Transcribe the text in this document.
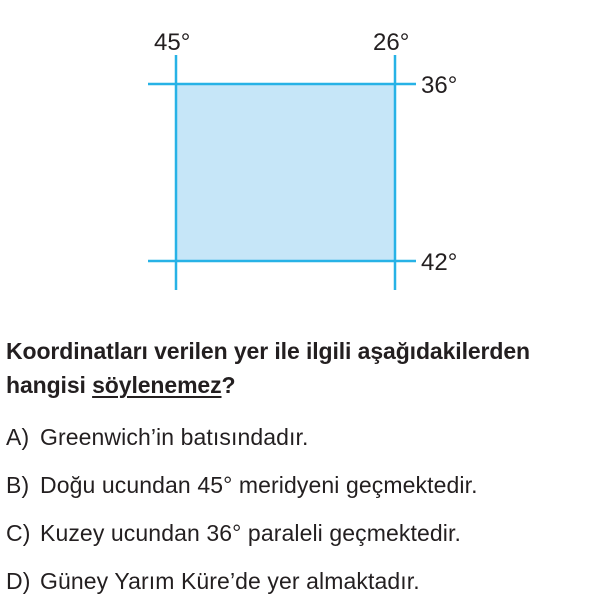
45°	26°
36°
42°
Koordinatları verilen yer ile ilgili aşağıdakilerden
hangisi söylenemez?
A) Greenwich’in batısındadır.
B) Doğu ucundan 45° meridyeni geçmektedir.
C) Kuzey ucundan 36° paraleli geçmektedir.
D) Güney Yarım Küre’de yer almaktadır.
